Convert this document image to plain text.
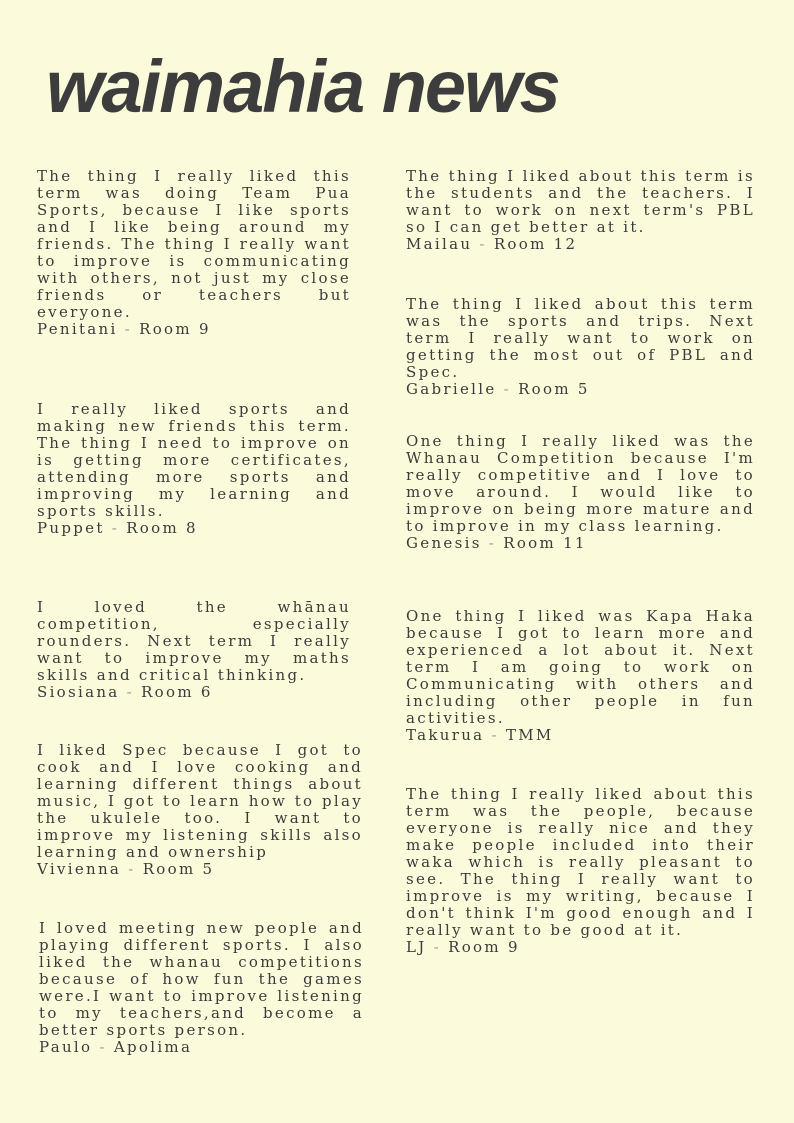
waimahia news

The thing I really liked this term was doing Team Pua Sports, because I like sports and I like being around my friends. The thing I really want to improve is communicating with others, not just my close friends or teachers but everyone.

Penitani - Room 9

I really liked sports and making new friends this term. The thing I need to improve on is getting more certificates, attending more sports and improving my learning and sports skills.

Puppet - Room 8

I loved the whānau competition, especially rounders. Next term I really want to improve my maths skills and critical thinking.

Siosiana - Room 6

I liked Spec because I got to cook and I love cooking and learning different things about music, I got to learn how to play the ukulele too. I want to improve my listening skills also learning and ownership

Vivienna - Room 5

I loved meeting new people and playing different sports. I also liked the whanau competitions because of how fun the games were.I want to improve listening to my teachers,and become a better sports person.

Paulo - Apolima

The thing I liked about this term is the students and the teachers. I want to work on next term's PBL so I can get better at it.

Mailau - Room 12

The thing I liked about this term was the sports and trips. Next term I really want to work on getting the most out of PBL and Spec.

Gabrielle - Room 5

One thing I really liked was the Whanau Competition because I'm really competitive and I love to move around. I would like to improve on being more mature and to improve in my class learning.

Genesis - Room 11

One thing I liked was Kapa Haka because I got to learn more and experienced a lot about it. Next term I am going to work on Communicating with others and including other people in fun activities.

Takurua - TMM

The thing I really liked about this term was the people, because everyone is really nice and they make people included into their waka which is really pleasant to see. The thing I really want to improve is my writing, because I don't think I'm good enough and I really want to be good at it.

LJ - Room 9
